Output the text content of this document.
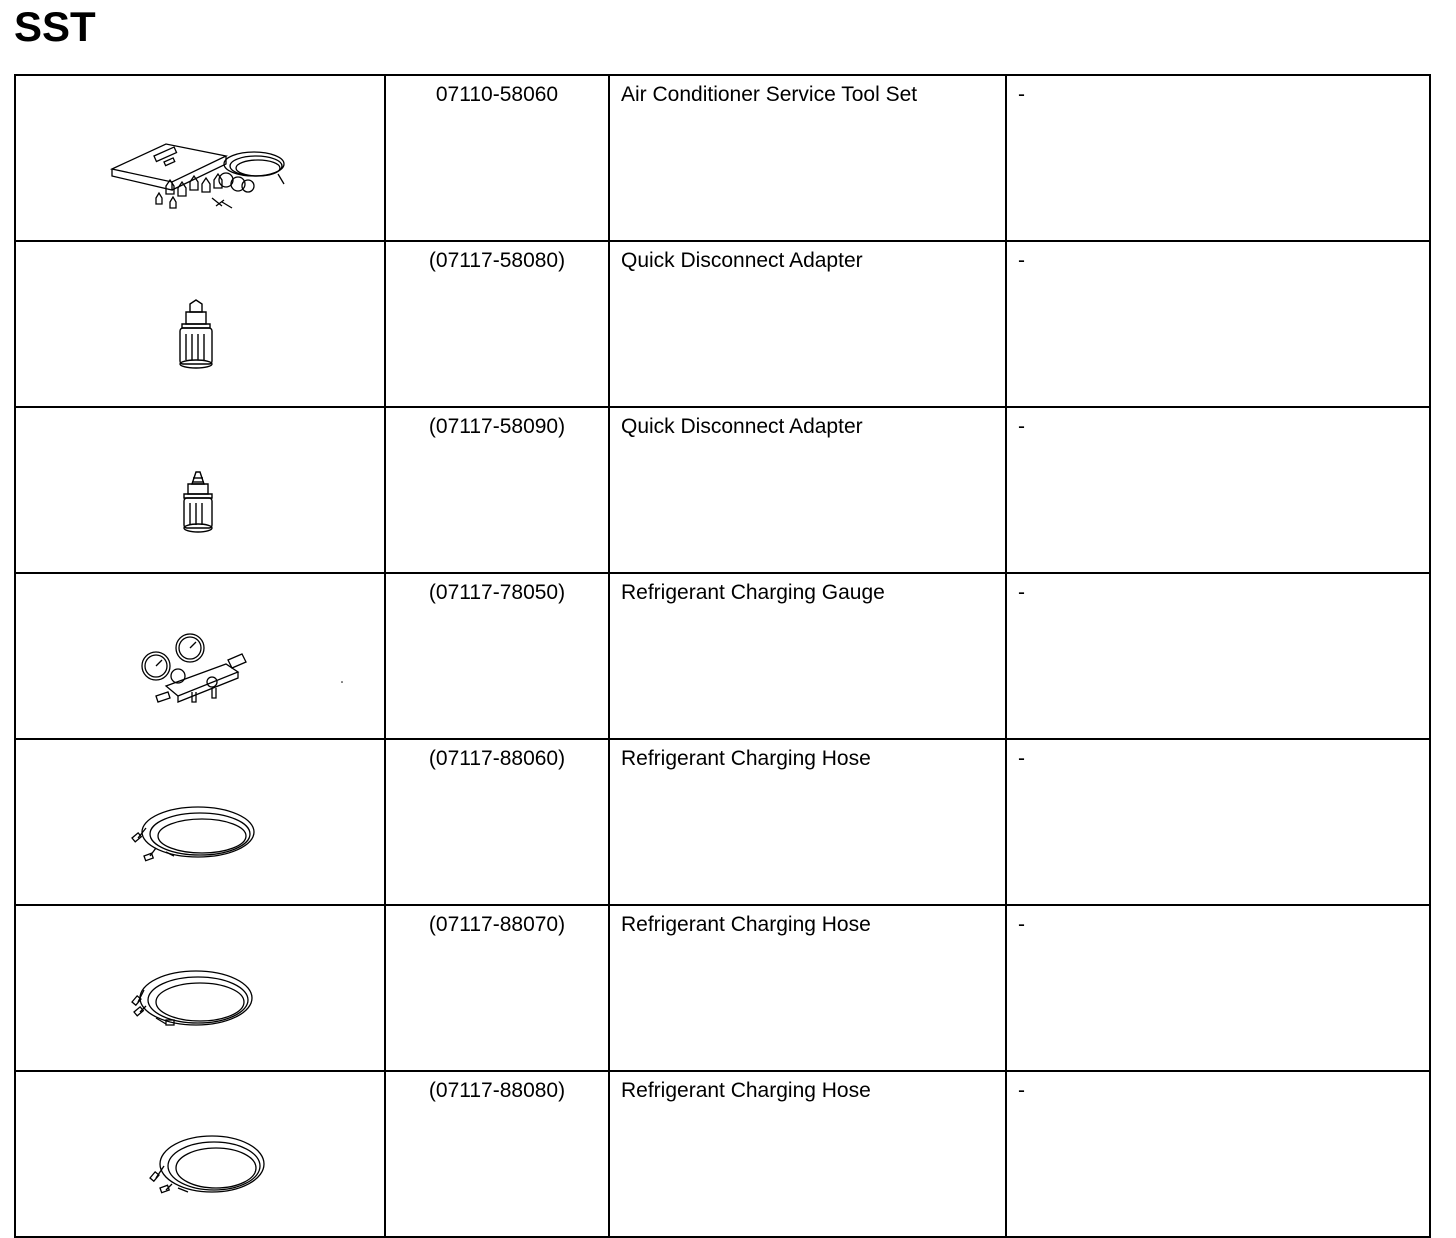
SST
	07110-58060	Air Conditioner Service Tool Set	-

	(07117-58080)	Quick Disconnect Adapter	-

	(07117-58090)	Quick Disconnect Adapter	-

	(07117-78050)	Refrigerant Charging Gauge	-

	(07117-88060)	Refrigerant Charging Hose	-

	(07117-88070)	Refrigerant Charging Hose	-

	(07117-88080)	Refrigerant Charging Hose	-
